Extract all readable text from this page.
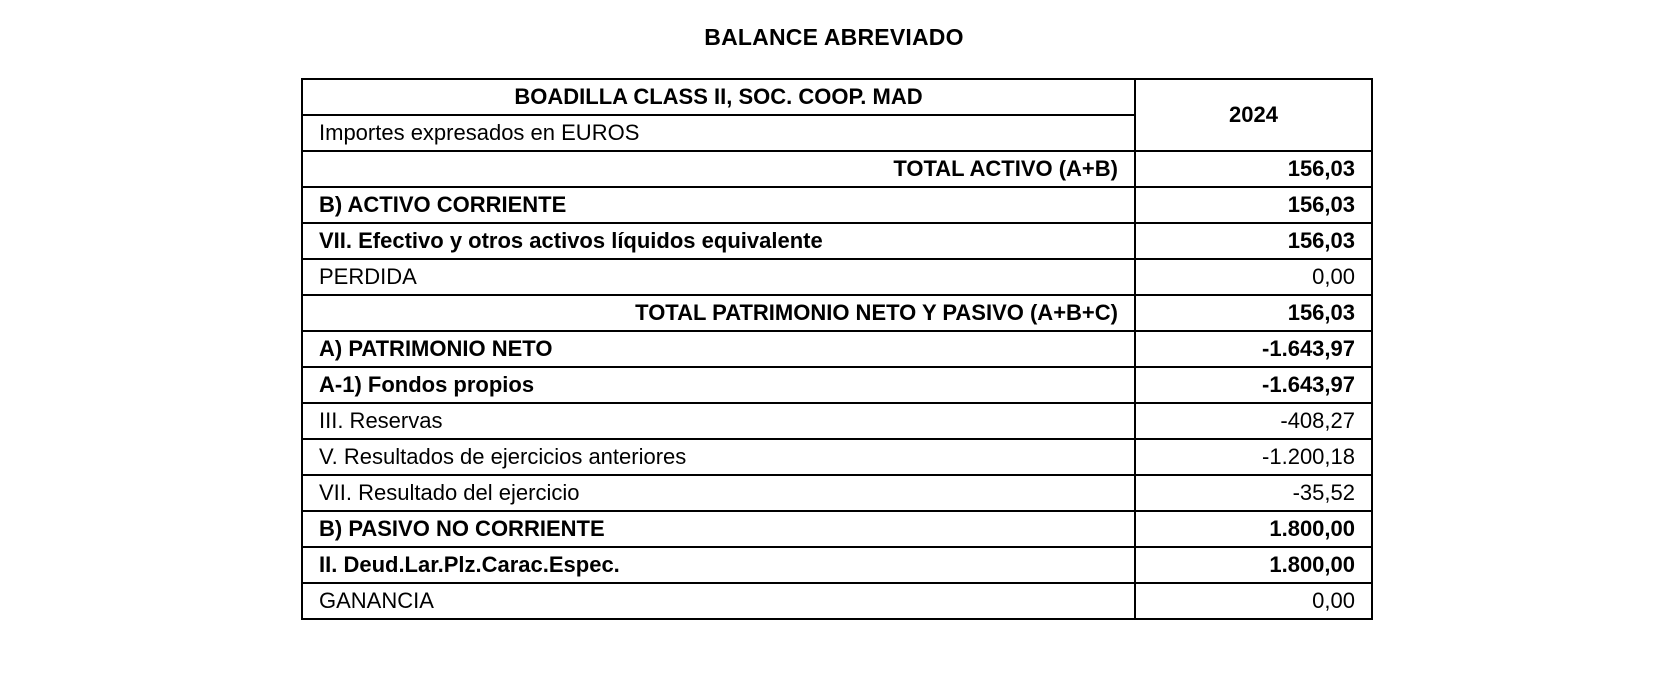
BALANCE ABREVIADO
BOADILLA CLASS II, SOC. COOP. MAD	2024
Importes expresados en EUROS	
TOTAL ACTIVO (A+B)	156,03
B) ACTIVO CORRIENTE	156,03
VII. Efectivo y otros activos líquidos equivalente	156,03
PERDIDA	0,00
TOTAL PATRIMONIO NETO Y PASIVO (A+B+C)	156,03
A) PATRIMONIO NETO	-1.643,97
A-1) Fondos propios	-1.643,97
III. Reservas	-408,27
V. Resultados de ejercicios anteriores	-1.200,18
VII. Resultado del ejercicio	-35,52
B) PASIVO NO CORRIENTE	1.800,00
II. Deud.Lar.Plz.Carac.Espec.	1.800,00
GANANCIA	0,00
